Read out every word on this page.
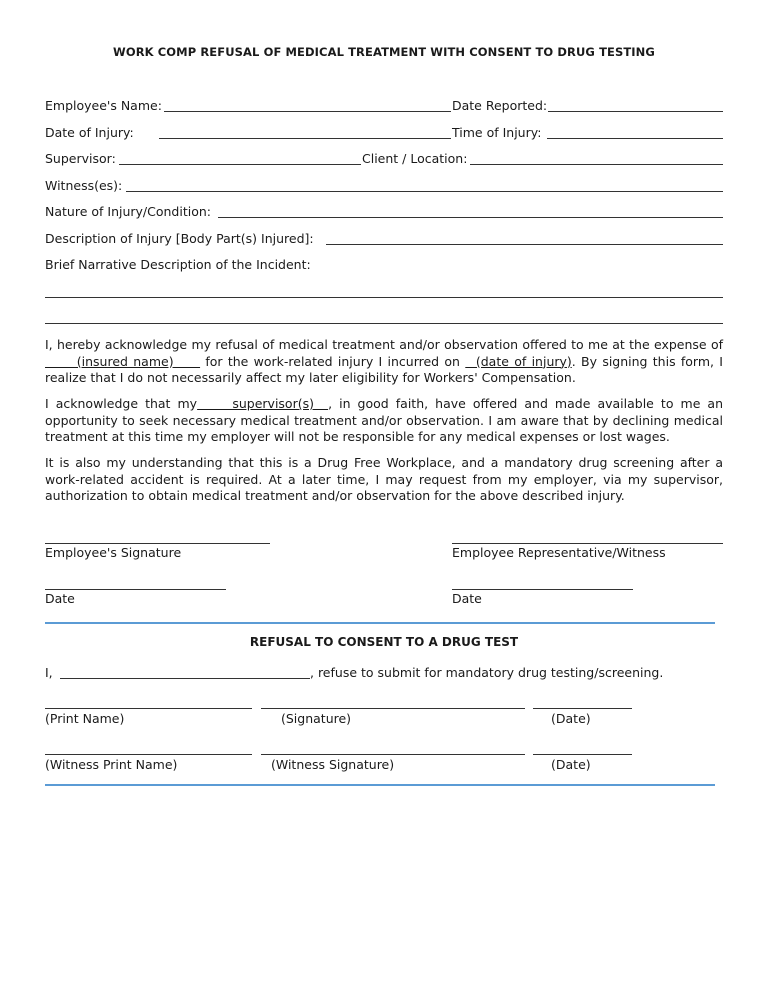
WORK COMP REFUSAL OF MEDICAL TREATMENT WITH CONSENT TO DRUG TESTING
Employee's Name:	Date Reported:
Date of Injury:	Time of Injury:
Supervisor:	Client / Location:
Witness(es):
Nature of Injury/Condition:
Description of Injury [Body Part(s) Injured]:
Brief Narrative Description of the Incident:
I, hereby acknowledge my refusal of medical treatment and/or observation offered to me at the expense of       (insured name)      for the work-related injury I incurred on   (date of injury). By signing this form, I realize that I do not necessarily affect my later eligibility for Workers' Compensation.
I acknowledge that my     supervisor(s)  , in good faith, have offered and made available to me an opportunity to seek necessary medical treatment and/or observation. I am aware that by declining medical treatment at this time my employer will not be responsible for any medical expenses or lost wages.
It is also my understanding that this is a Drug Free Workplace, and a mandatory drug screening after a work-related accident is required. At a later time, I may request from my employer, via my supervisor, authorization to obtain medical treatment and/or observation for the above described injury.
Employee's Signature	Employee Representative/Witness
Date	Date
REFUSAL TO CONSENT TO A DRUG TEST
I,	, refuse to submit for mandatory drug testing/screening.
(Print Name)	(Signature)	(Date)
(Witness Print Name)	(Witness Signature)	(Date)
